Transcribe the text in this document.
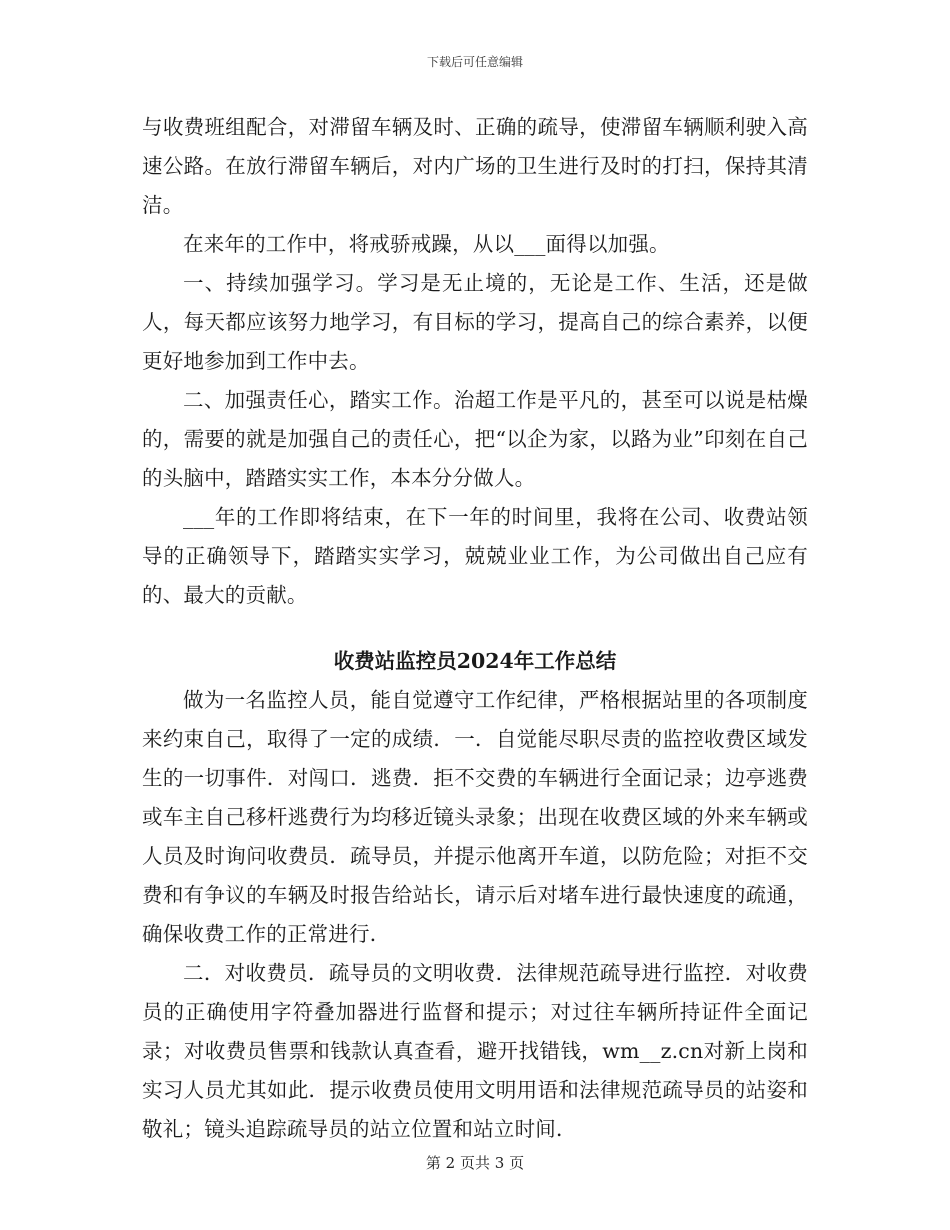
下载后可任意编辑

与收费班组配合，对滞留车辆及时、正确的疏导，使滞留车辆顺利驶入高速公路。在放行滞留车辆后，对内广场的卫生进行及时的打扫，保持其清洁。

在来年的工作中，将戒骄戒躁，从以___面得以加强。

一、持续加强学习。学习是无止境的，无论是工作、生活，还是做人，每天都应该努力地学习，有目标的学习，提高自己的综合素养，以便更好地参加到工作中去。

二、加强责任心，踏实工作。治超工作是平凡的，甚至可以说是枯燥的，需要的就是加强自己的责任心，把“以企为家，以路为业”印刻在自己的头脑中，踏踏实实工作，本本分分做人。

___年的工作即将结束，在下一年的时间里，我将在公司、收费站领导的正确领导下，踏踏实实学习，兢兢业业工作，为公司做出自己应有的、最大的贡献。

收费站监控员2024年工作总结

做为一名监控人员，能自觉遵守工作纪律，严格根据站里的各项制度来约束自己，取得了一定的成绩．一．自觉能尽职尽责的监控收费区域发生的一切事件．对闯口．逃费．拒不交费的车辆进行全面记录；边亭逃费或车主自己移杆逃费行为均移近镜头录象；出现在收费区域的外来车辆或人员及时询问收费员．疏导员，并提示他离开车道，以防危险；对拒不交费和有争议的车辆及时报告给站长，请示后对堵车进行最快速度的疏通，确保收费工作的正常进行．

二．对收费员．疏导员的文明收费．法律规范疏导进行监控．对收费员的正确使用字符叠加器进行监督和提示；对过往车辆所持证件全面记录；对收费员售票和钱款认真查看，避开找错钱，wm__z.cn对新上岗和实习人员尤其如此．提示收费员使用文明用语和法律规范疏导员的站姿和敬礼；镜头追踪疏导员的站立位置和站立时间．

第 2 页共 3 页
